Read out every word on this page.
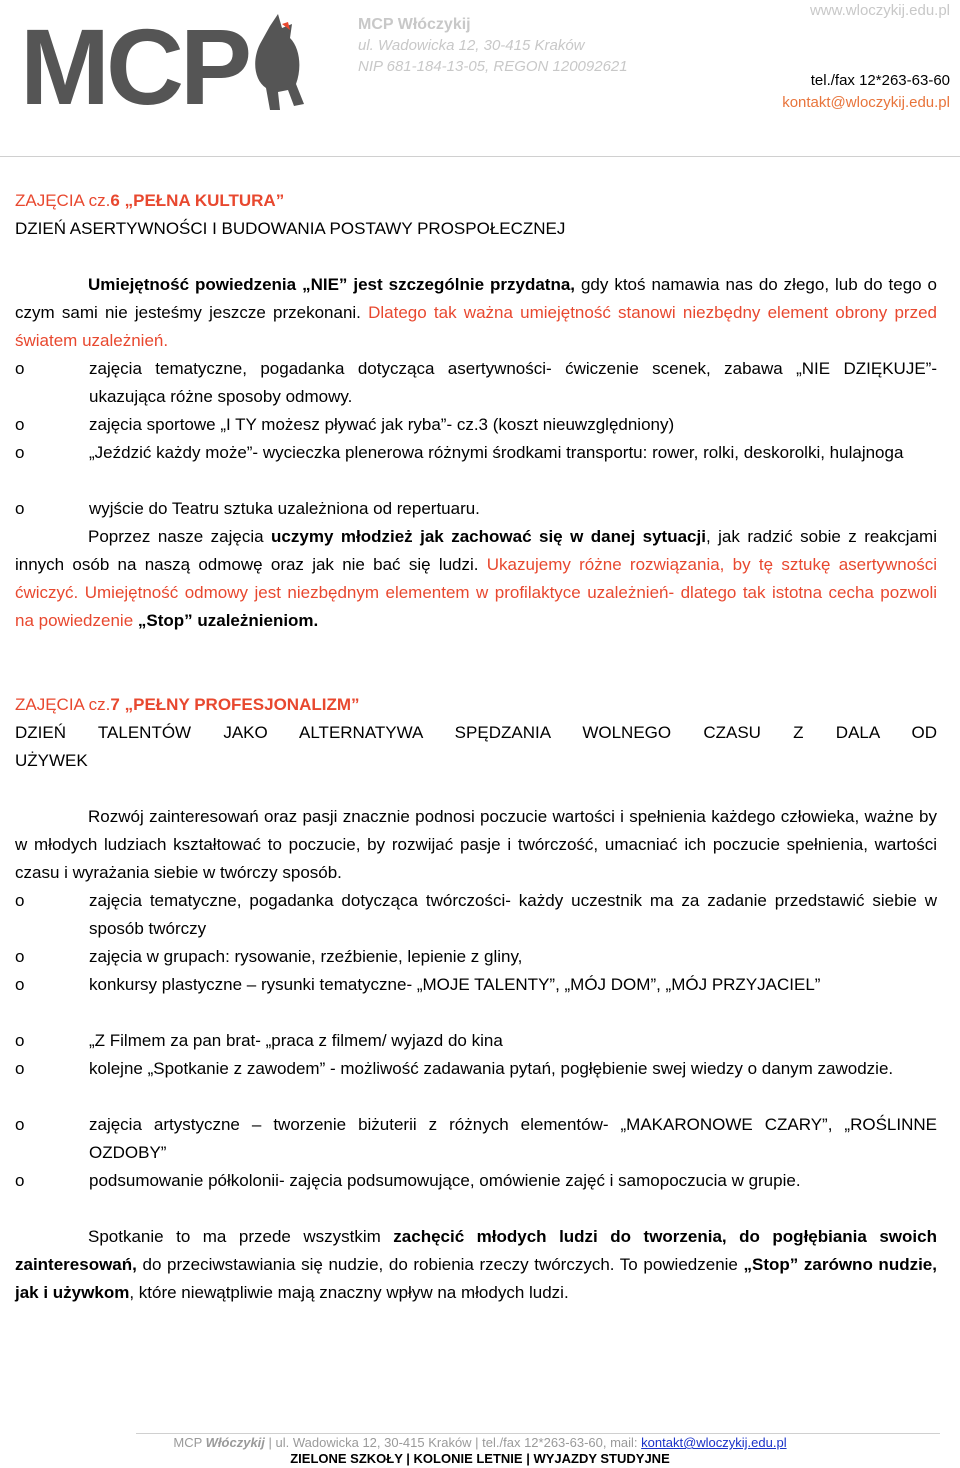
MCP	MCP Włóczykij
ul. Wadowicka 12, 30-415 Kraków
NIP 681-184-13-05, REGON 120092621
www.wloczykij.edu.pl
tel./fax 12*263-63-60
kontakt@wloczykij.edu.pl
ZAJĘCIA cz.6 „PEŁNA KULTURA”
DZIEŃ ASERTYWNOŚCI I BUDOWANIA POSTAWY PROSPOŁECZNEJ
Umiejętność powiedzenia „NIE” jest szczególnie przydatna, gdy ktoś namawia nas do złego, lub do tego o czym sami nie jesteśmy jeszcze przekonani. Dlatego tak ważna umiejętność stanowi niezbędny element obrony przed światem uzależnień.
o	zajęcia tematyczne, pogadanka dotycząca asertywności- ćwiczenie scenek, zabawa „NIE DZIĘKUJE”- ukazująca różne sposoby odmowy.
o	zajęcia sportowe „I TY możesz pływać jak ryba”- cz.3 (koszt nieuwzględniony)
o	„Jeździć każdy może”- wycieczka plenerowa różnymi środkami transportu: rower, rolki, deskorolki, hulajnoga
o	wyjście do Teatru sztuka uzależniona od repertuaru.
Poprzez nasze zajęcia uczymy młodzież jak zachować się w danej sytuacji, jak radzić sobie z reakcjami innych osób na naszą odmowę oraz jak nie bać się ludzi. Ukazujemy różne rozwiązania, by tę sztukę asertywności ćwiczyć. Umiejętność odmowy jest niezbędnym elementem w profilaktyce uzależnień- dlatego tak istotna cecha pozwoli na powiedzenie „Stop” uzależnieniom.
ZAJĘCIA cz.7 „PEŁNY PROFESJONALIZM”
DZIEŃ TALENTÓW JAKO ALTERNATYWA SPĘDZANIA WOLNEGO CZASU Z DALA OD
UŻYWEK
Rozwój zainteresowań oraz pasji znacznie podnosi poczucie wartości i spełnienia każdego człowieka, ważne by w młodych ludziach kształtować to poczucie, by rozwijać pasje i twórczość, umacniać ich poczucie spełnienia, wartości czasu i wyrażania siebie w twórczy sposób.
o	zajęcia tematyczne, pogadanka dotycząca twórczości- każdy uczestnik ma za zadanie przedstawić siebie w sposób twórczy
o	zajęcia w grupach: rysowanie, rzeźbienie, lepienie z gliny,
o	konkursy plastyczne – rysunki tematyczne- „MOJE TALENTY”, „MÓJ DOM”, „MÓJ PRZYJACIEL”
o	„Z Filmem za pan brat- „praca z filmem/ wyjazd do kina
o	kolejne „Spotkanie z zawodem” - możliwość zadawania pytań, pogłębienie swej wiedzy o danym zawodzie.
o	zajęcia artystyczne – tworzenie biżuterii z różnych elementów- „MAKARONOWE CZARY”, „ROŚLINNE OZDOBY”
o	podsumowanie półkolonii- zajęcia podsumowujące, omówienie zajęć i samopoczucia w grupie.
Spotkanie to ma przede wszystkim zachęcić młodych ludzi do tworzenia, do pogłębiania swoich zainteresowań, do przeciwstawiania się nudzie, do robienia rzeczy twórczych. To powiedzenie „Stop” zarówno nudzie, jak i używkom, które niewątpliwie mają znaczny wpływ na młodych ludzi.
MCP Włóczykij | ul. Wadowicka 12, 30-415 Kraków | tel./fax 12*263-63-60, mail: kontakt@wloczykij.edu.pl
ZIELONE SZKOŁY | KOLONIE LETNIE | WYJAZDY STUDYJNE
